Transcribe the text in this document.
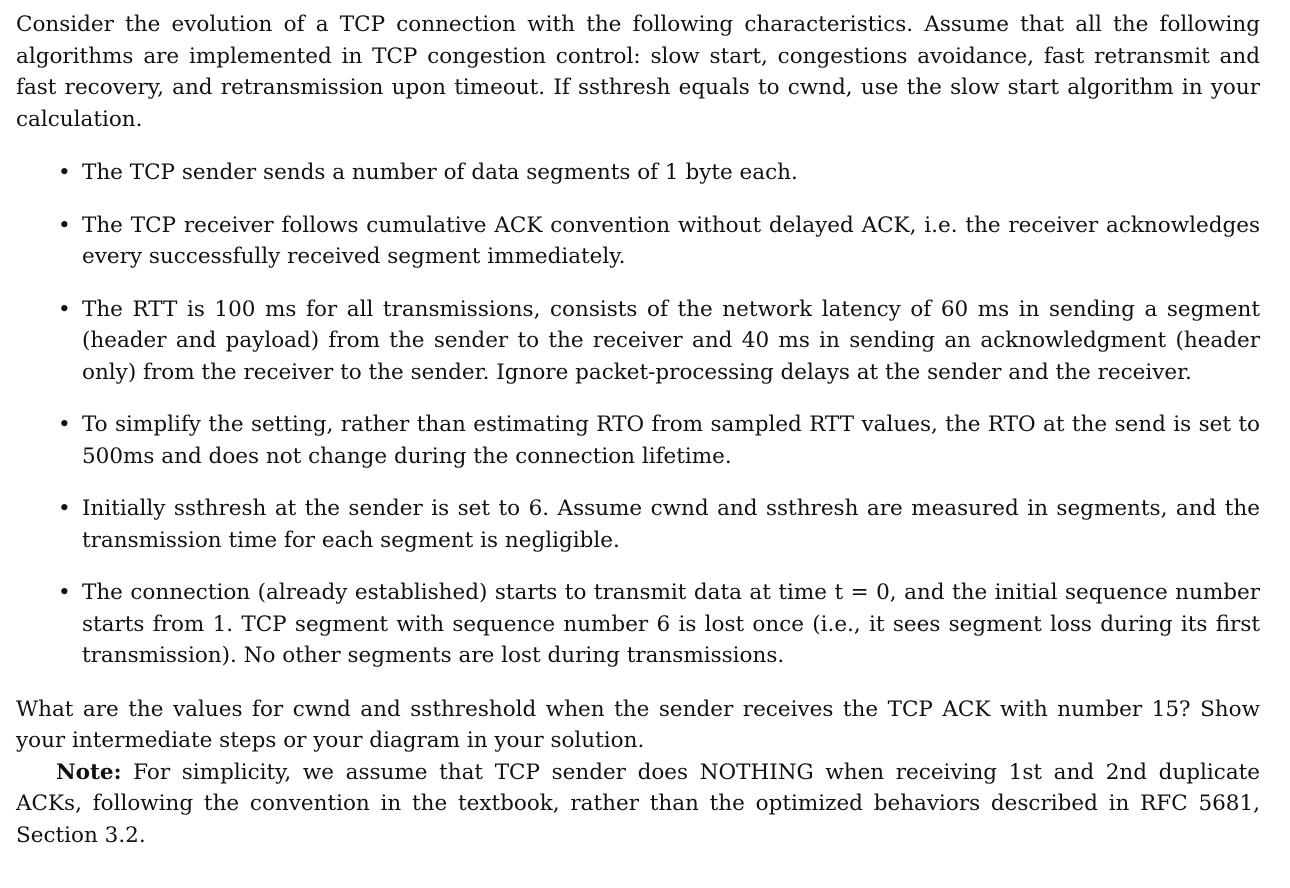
Consider the evolution of a TCP connection with the following characteristics. Assume that all the following algorithms are implemented in TCP congestion control: slow start, congestions avoidance, fast retransmit and fast recovery, and retransmission upon timeout. If ssthresh equals to cwnd, use the slow start algorithm in your calculation.

• The TCP sender sends a number of data segments of 1 byte each.
• The TCP receiver follows cumulative ACK convention without delayed ACK, i.e. the receiver acknowledges every successfully received segment immediately.
• The RTT is 100 ms for all transmissions, consists of the network latency of 60 ms in sending a segment (header and payload) from the sender to the receiver and 40 ms in sending an acknowledgment (header only) from the receiver to the sender. Ignore packet-processing delays at the sender and the receiver.
• To simplify the setting, rather than estimating RTO from sampled RTT values, the RTO at the send is set to 500ms and does not change during the connection lifetime.
• Initially ssthresh at the sender is set to 6. Assume cwnd and ssthresh are measured in segments, and the transmission time for each segment is negligible.
• The connection (already established) starts to transmit data at time t = 0, and the initial sequence number starts from 1. TCP segment with sequence number 6 is lost once (i.e., it sees segment loss during its first transmission). No other segments are lost during transmissions.

What are the values for cwnd and ssthreshold when the sender receives the TCP ACK with number 15? Show your intermediate steps or your diagram in your solution.

Note: For simplicity, we assume that TCP sender does NOTHING when receiving 1st and 2nd duplicate ACKs, following the convention in the textbook, rather than the optimized behaviors described in RFC 5681, Section 3.2.
